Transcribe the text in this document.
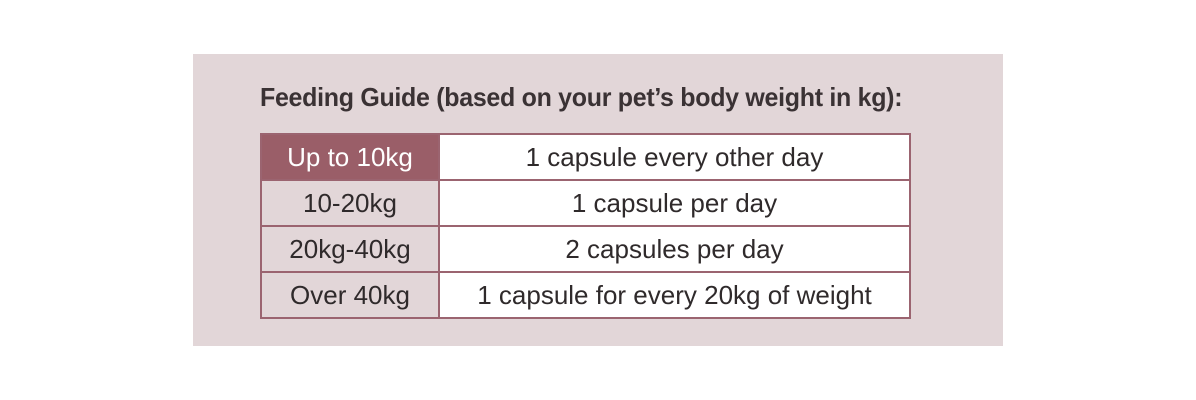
Feeding Guide (based on your pet’s body weight in kg):
Up to 10kg	1 capsule every other day
10-20kg	1 capsule per day
20kg-40kg	2 capsules per day
Over 40kg	1 capsule for every 20kg of weight
